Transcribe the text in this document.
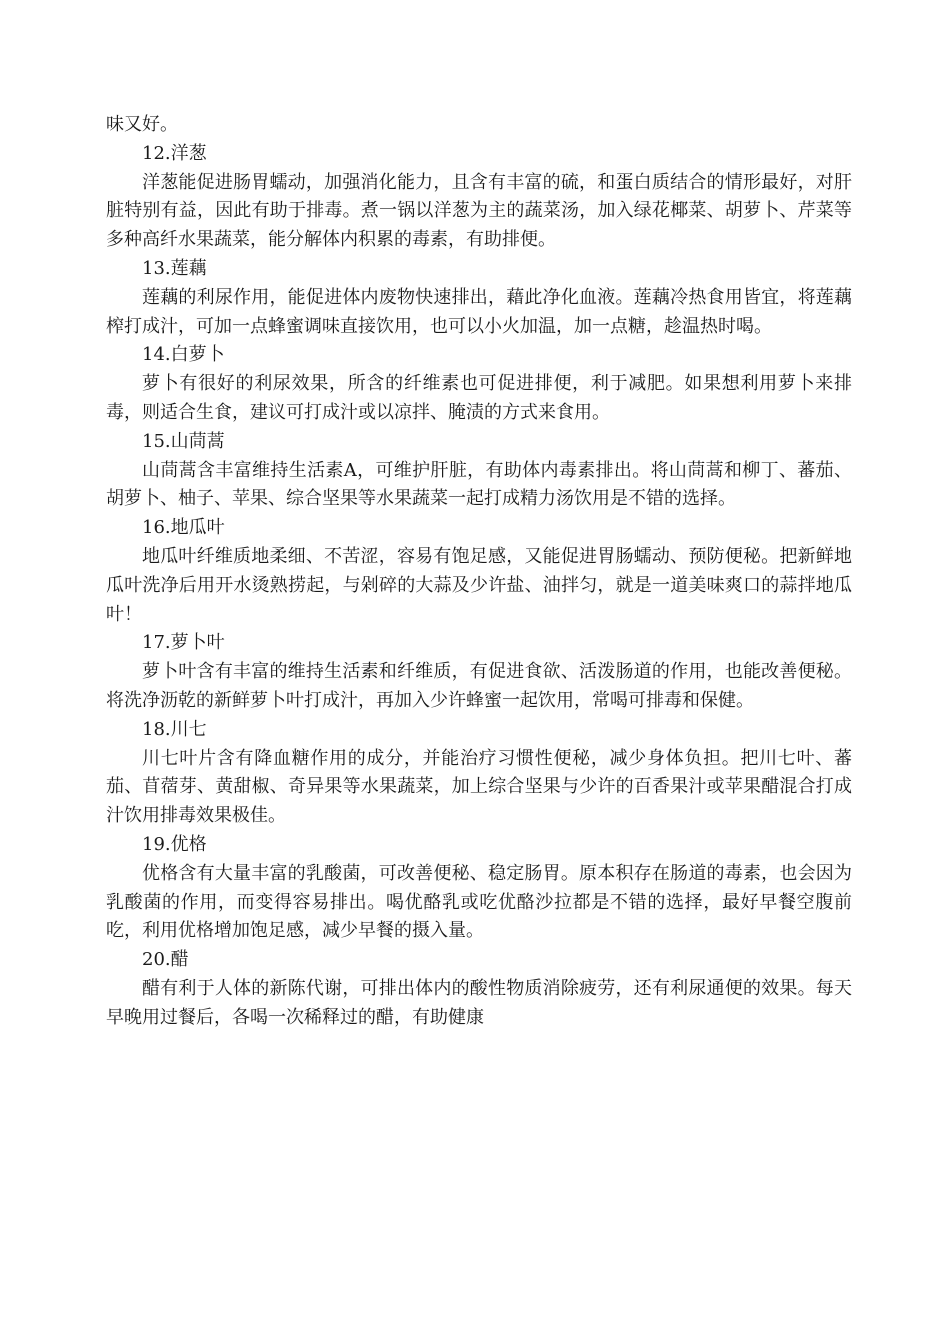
味又好。

12.洋葱

洋葱能促进肠胃蠕动，加强消化能力，且含有丰富的硫，和蛋白质结合的情形最好，对肝脏特别有益，因此有助于排毒。煮一锅以洋葱为主的蔬菜汤，加入绿花椰菜、胡萝卜、芹菜等多种高纤水果蔬菜，能分解体内积累的毒素，有助排便。

13.莲藕

莲藕的利尿作用，能促进体内废物快速排出，藉此净化血液。莲藕冷热食用皆宜，将莲藕榨打成汁，可加一点蜂蜜调味直接饮用，也可以小火加温，加一点糖，趁温热时喝。

14.白萝卜

萝卜有很好的利尿效果，所含的纤维素也可促进排便，利于减肥。如果想利用萝卜来排毒，则适合生食，建议可打成汁或以凉拌、腌渍的方式来食用。

15.山茼蒿

山茼蒿含丰富维持生活素A，可维护肝脏，有助体内毒素排出。将山茼蒿和柳丁、蕃茄、胡萝卜、柚子、苹果、综合坚果等水果蔬菜一起打成精力汤饮用是不错的选择。

16.地瓜叶

地瓜叶纤维质地柔细、不苦涩，容易有饱足感，又能促进胃肠蠕动、预防便秘。把新鲜地瓜叶洗净后用开水烫熟捞起，与剁碎的大蒜及少许盐、油拌匀，就是一道美味爽口的蒜拌地瓜叶！

17.萝卜叶

萝卜叶含有丰富的维持生活素和纤维质，有促进食欲、活泼肠道的作用，也能改善便秘。将洗净沥乾的新鲜萝卜叶打成汁，再加入少许蜂蜜一起饮用，常喝可排毒和保健。

18.川七

川七叶片含有降血糖作用的成分，并能治疗习惯性便秘，减少身体负担。把川七叶、蕃茄、苜蓿芽、黄甜椒、奇异果等水果蔬菜，加上综合坚果与少许的百香果汁或苹果醋混合打成汁饮用排毒效果极佳。

19.优格

优格含有大量丰富的乳酸菌，可改善便秘、稳定肠胃。原本积存在肠道的毒素，也会因为乳酸菌的作用，而变得容易排出。喝优酪乳或吃优酪沙拉都是不错的选择，最好早餐空腹前吃，利用优格增加饱足感，减少早餐的摄入量。

20.醋

醋有利于人体的新陈代谢，可排出体内的酸性物质消除疲劳，还有利尿通便的效果。每天早晚用过餐后，各喝一次稀释过的醋，有助健康
